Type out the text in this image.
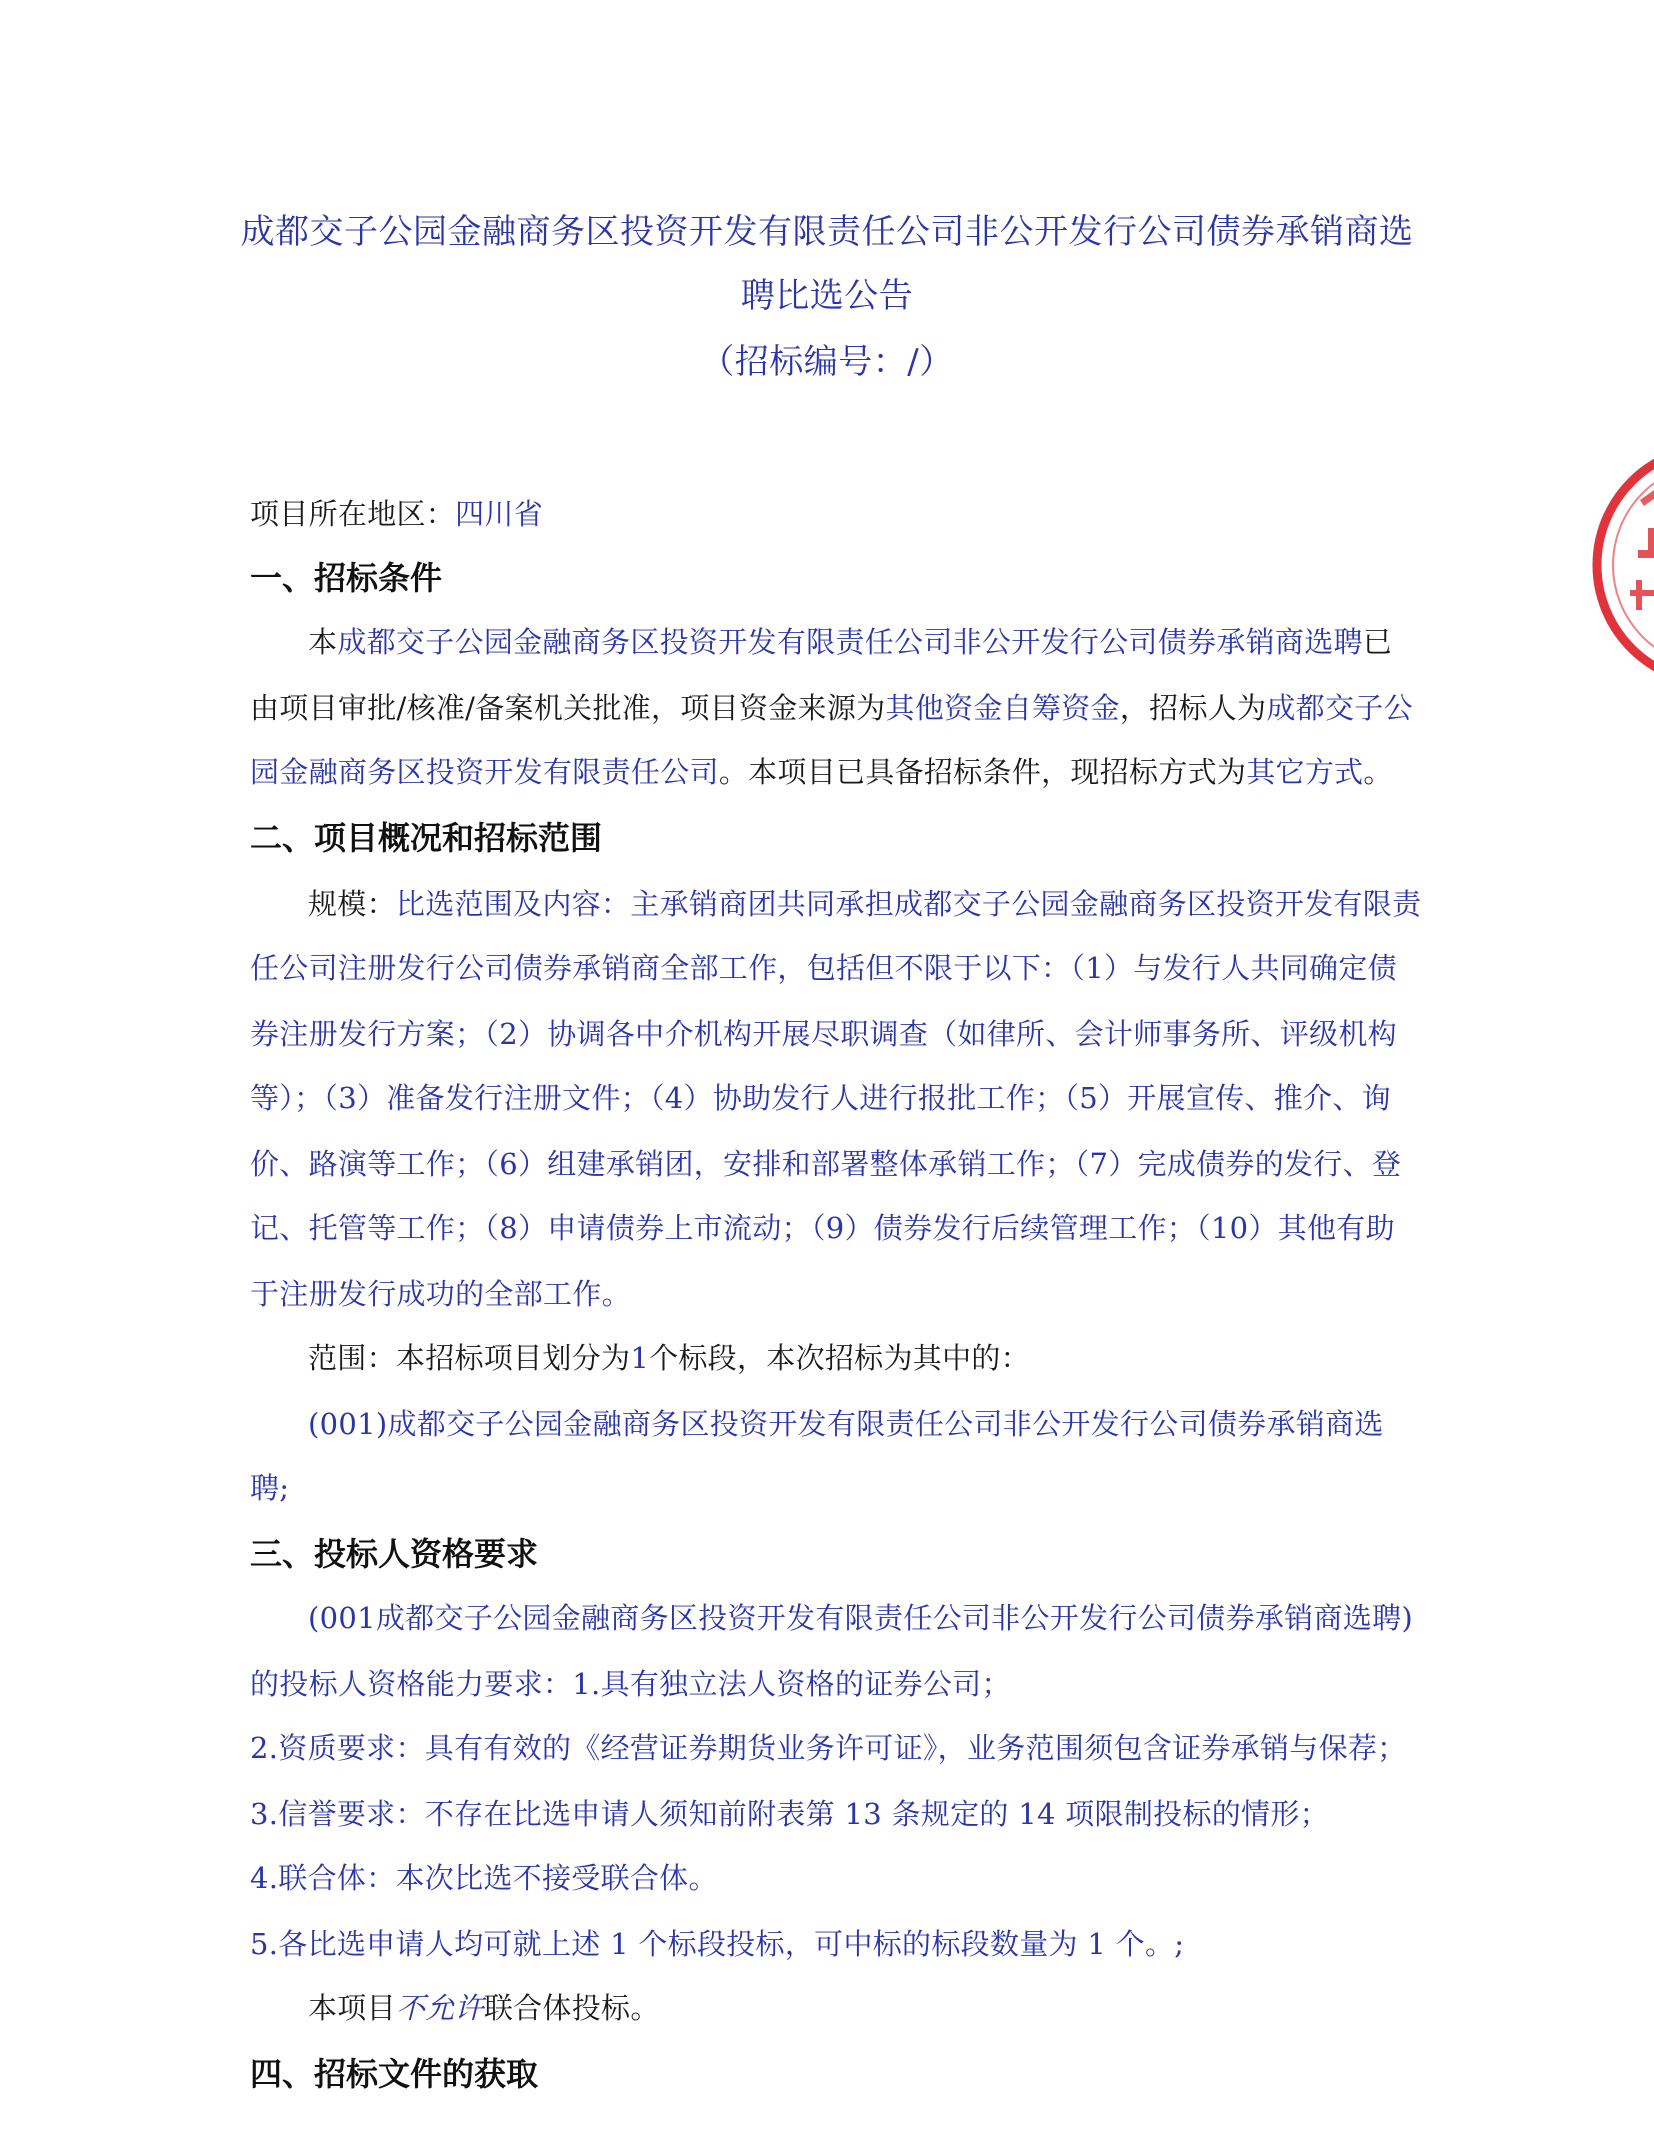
成都交子公园金融商务区投资开发有限责任公司非公开发行公司债券承销商选
聘比选公告
（招标编号：/）
项目所在地区：四川省
一、招标条件
本成都交子公园金融商务区投资开发有限责任公司非公开发行公司债券承销商选聘已
由项目审批/核准/备案机关批准，项目资金来源为其他资金自筹资金，招标人为成都交子公
园金融商务区投资开发有限责任公司。本项目已具备招标条件，现招标方式为其它方式。
二、项目概况和招标范围
规模：比选范围及内容：主承销商团共同承担成都交子公园金融商务区投资开发有限责
任公司注册发行公司债券承销商全部工作，包括但不限于以下：（1）与发行人共同确定债
券注册发行方案；（2）协调各中介机构开展尽职调查（如律所、会计师事务所、评级机构
等）；（3）准备发行注册文件；（4）协助发行人进行报批工作；（5）开展宣传、推介、询
价、路演等工作；（6）组建承销团，安排和部署整体承销工作；（7）完成债券的发行、登
记、托管等工作；（8）申请债券上市流动；（9）债券发行后续管理工作；（10）其他有助
于注册发行成功的全部工作。
范围：本招标项目划分为1个标段，本次招标为其中的：
(001)成都交子公园金融商务区投资开发有限责任公司非公开发行公司债券承销商选
聘;
三、投标人资格要求
(001成都交子公园金融商务区投资开发有限责任公司非公开发行公司债券承销商选聘)
的投标人资格能力要求：1.具有独立法人资格的证券公司；
2.资质要求：具有有效的《经营证券期货业务许可证》，业务范围须包含证券承销与保荐；
3.信誉要求：不存在比选申请人须知前附表第 13 条规定的 14 项限制投标的情形；
4.联合体：本次比选不接受联合体。
5.各比选申请人均可就上述 1 个标段投标，可中标的标段数量为 1 个。;
本项目不允许联合体投标。
四、招标文件的获取
